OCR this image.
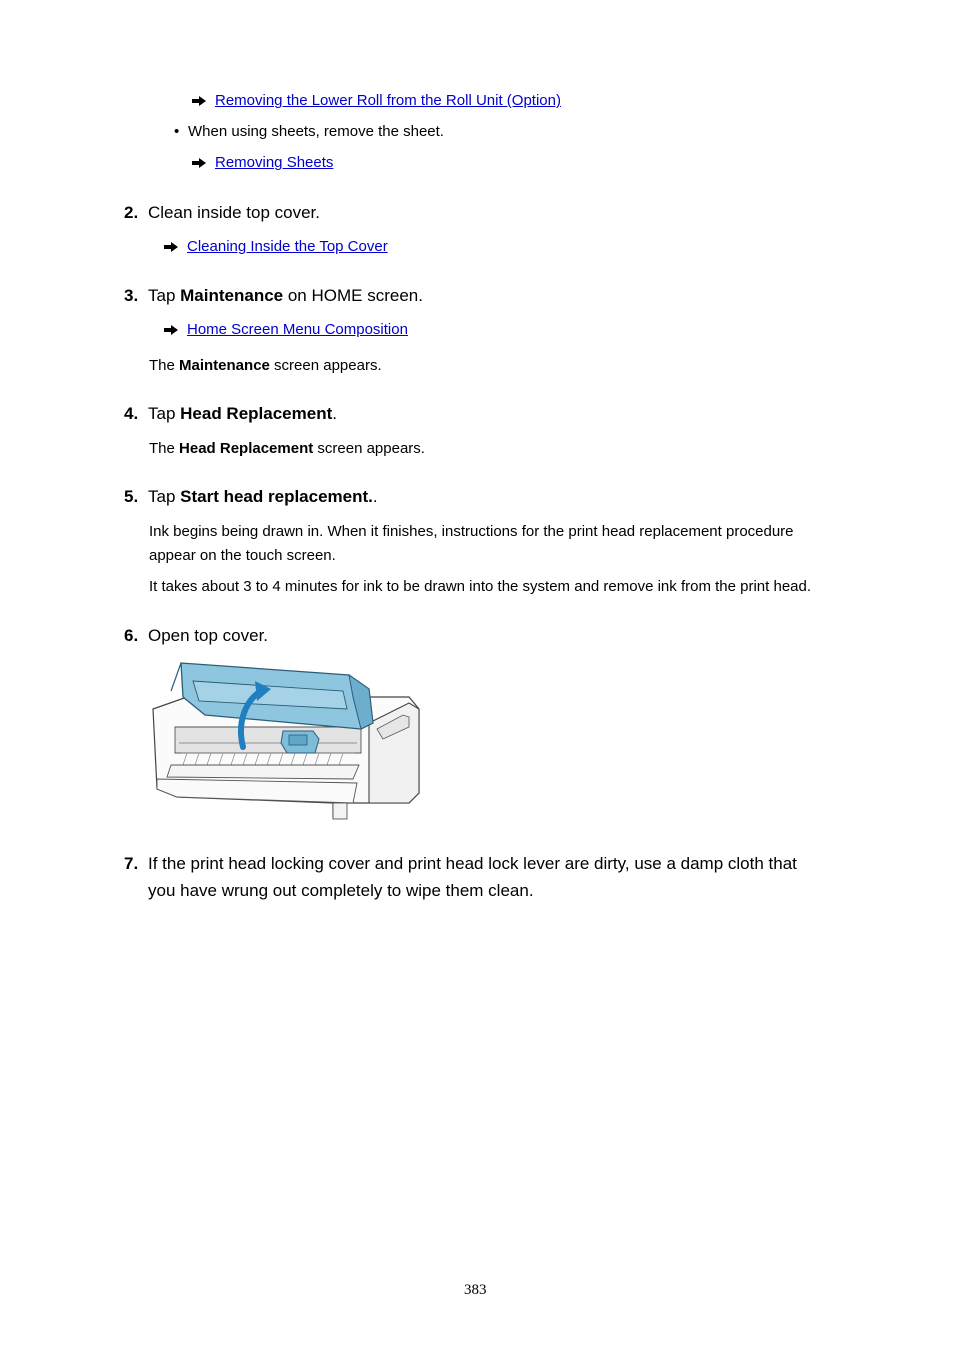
Removing the Lower Roll from the Roll Unit (Option)
• When using sheets, remove the sheet.
Removing Sheets
2. Clean inside top cover.
Cleaning Inside the Top Cover
3. Tap Maintenance on HOME screen.
Home Screen Menu Composition
The Maintenance screen appears.
4. Tap Head Replacement.
The Head Replacement screen appears.
5. Tap Start head replacement..
Ink begins being drawn in. When it finishes, instructions for the print head replacement procedure
appear on the touch screen.
It takes about 3 to 4 minutes for ink to be drawn into the system and remove ink from the print head.
6. Open top cover.
7. If the print head locking cover and print head lock lever are dirty, use a damp cloth that
you have wrung out completely to wipe them clean.
383
